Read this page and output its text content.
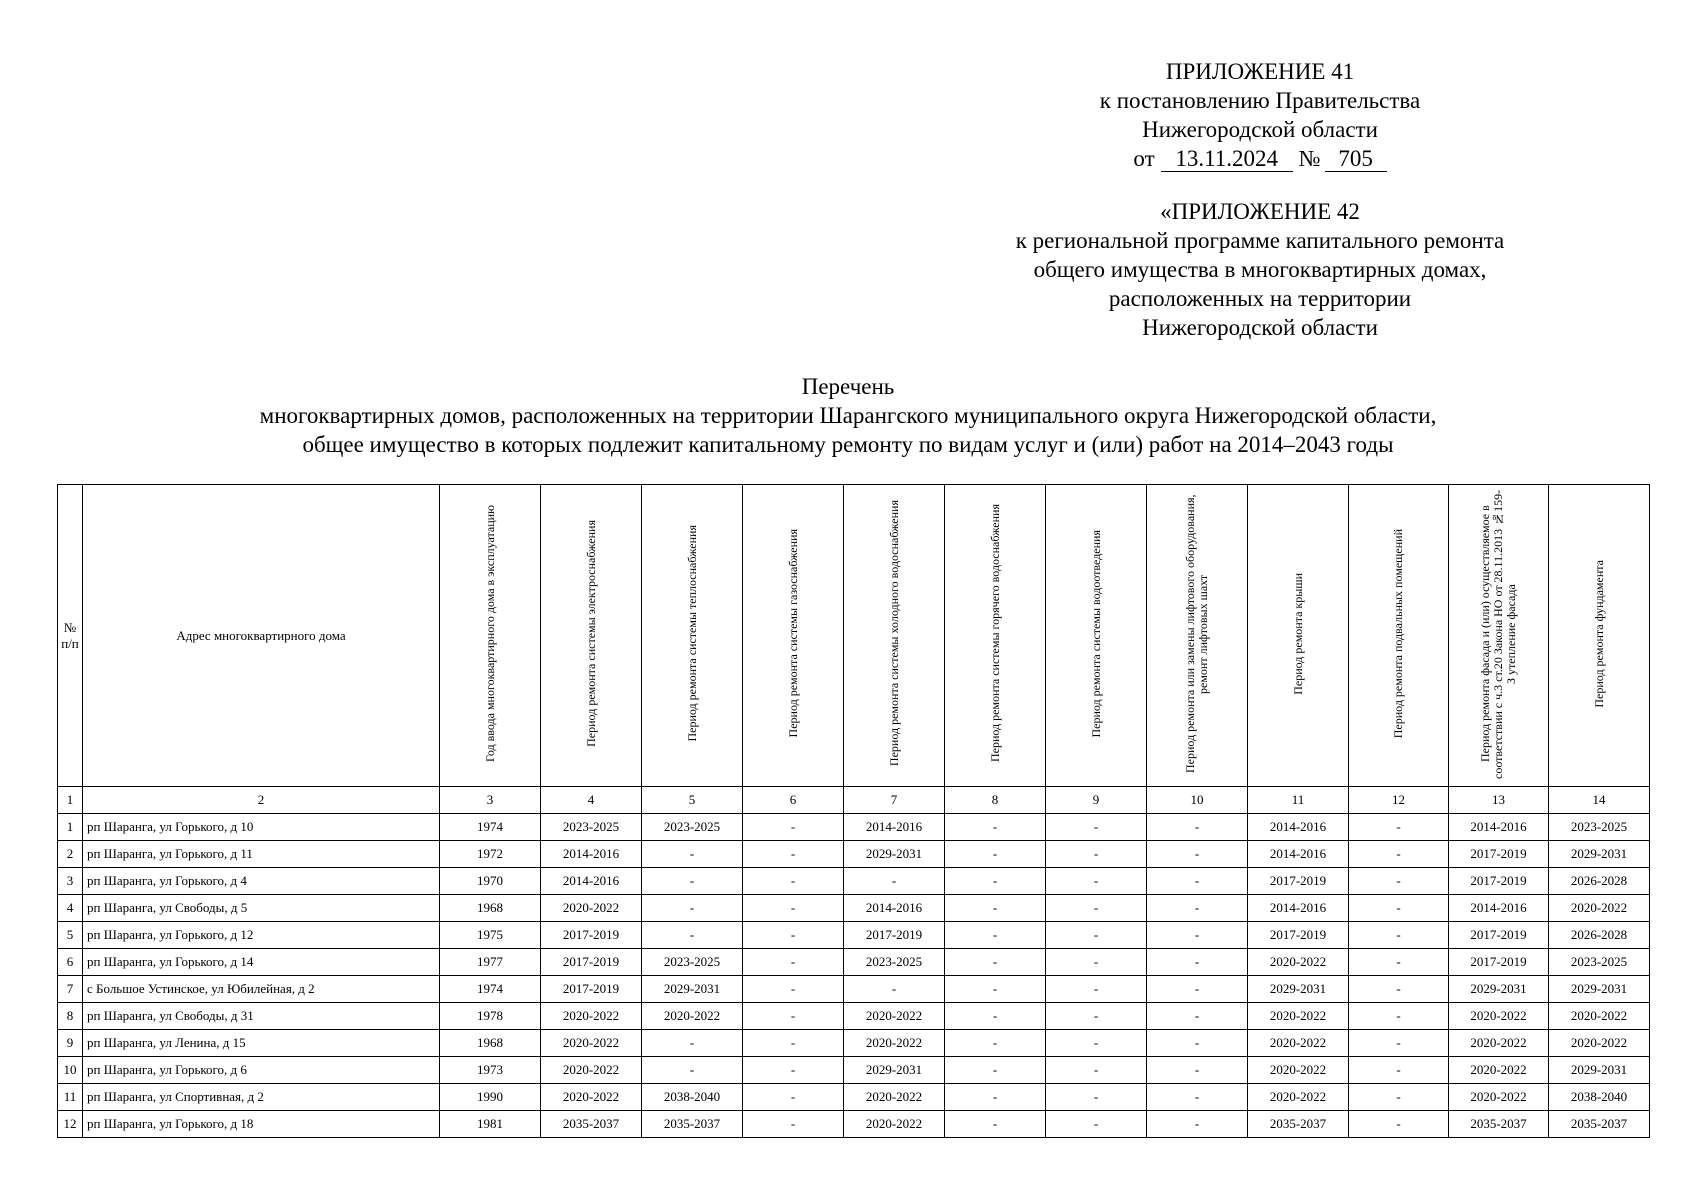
ПРИЛОЖЕНИЕ 41
к постановлению Правительства
Нижегородской области
от 13.11.2024 № 705
«ПРИЛОЖЕНИЕ 42
к региональной программе капитального ремонта
общего имущества в многоквартирных домах,
расположенных на территории
Нижегородской области
Перечень
многоквартирных домов, расположенных на территории Шарангского муниципального округа Нижегородской области,
общее имущество в которых подлежит капитальному ремонту по видам услуг и (или) работ на 2014–2043 годы
№ п/п	Адрес многоквартирного дома	Год ввода многоквартирного дома в эксплуатацию	Период ремонта системы электроснабжения	Период ремонта системы теплоснабжения	Период ремонта системы газоснабжения	Период ремонта системы холодного водоснабжения	Период ремонта системы горячего водоснабжения	Период ремонта системы водоотведения	Период ремонта или замены лифтового оборудования, ремонт лифтовых шахт	Период ремонта крыши	Период ремонта подвальных помещений	Период ремонта фасада и (или) осуществляемое в соответствии с ч.3 ст.20 Закона НО от 28.11.2013 №159-З утепление фасада	Период ремонта фундамента
1	2	3	4	5	6	7	8	9	10	11	12	13	14
1	рп Шаранга, ул Горького, д 10	1974	2023-2025	2023-2025	-	2014-2016	-	-	-	2014-2016	-	2014-2016	2023-2025
2	рп Шаранга, ул Горького, д 11	1972	2014-2016	-	-	2029-2031	-	-	-	2014-2016	-	2017-2019	2029-2031
3	рп Шаранга, ул Горького, д 4	1970	2014-2016	-	-	-	-	-	-	2017-2019	-	2017-2019	2026-2028
4	рп Шаранга, ул Свободы, д 5	1968	2020-2022	-	-	2014-2016	-	-	-	2014-2016	-	2014-2016	2020-2022
5	рп Шаранга, ул Горького, д 12	1975	2017-2019	-	-	2017-2019	-	-	-	2017-2019	-	2017-2019	2026-2028
6	рп Шаранга, ул Горького, д 14	1977	2017-2019	2023-2025	-	2023-2025	-	-	-	2020-2022	-	2017-2019	2023-2025
7	с Большое Устинское, ул Юбилейная, д 2	1974	2017-2019	2029-2031	-	-	-	-	-	2029-2031	-	2029-2031	2029-2031
8	рп Шаранга, ул Свободы, д 31	1978	2020-2022	2020-2022	-	2020-2022	-	-	-	2020-2022	-	2020-2022	2020-2022
9	рп Шаранга, ул Ленина, д 15	1968	2020-2022	-	-	2020-2022	-	-	-	2020-2022	-	2020-2022	2020-2022
10	рп Шаранга, ул Горького, д 6	1973	2020-2022	-	-	2029-2031	-	-	-	2020-2022	-	2020-2022	2029-2031
11	рп Шаранга, ул Спортивная, д 2	1990	2020-2022	2038-2040	-	2020-2022	-	-	-	2020-2022	-	2020-2022	2038-2040
12	рп Шаранга, ул Горького, д 18	1981	2035-2037	2035-2037	-	2020-2022	-	-	-	2035-2037	-	2035-2037	2035-2037
